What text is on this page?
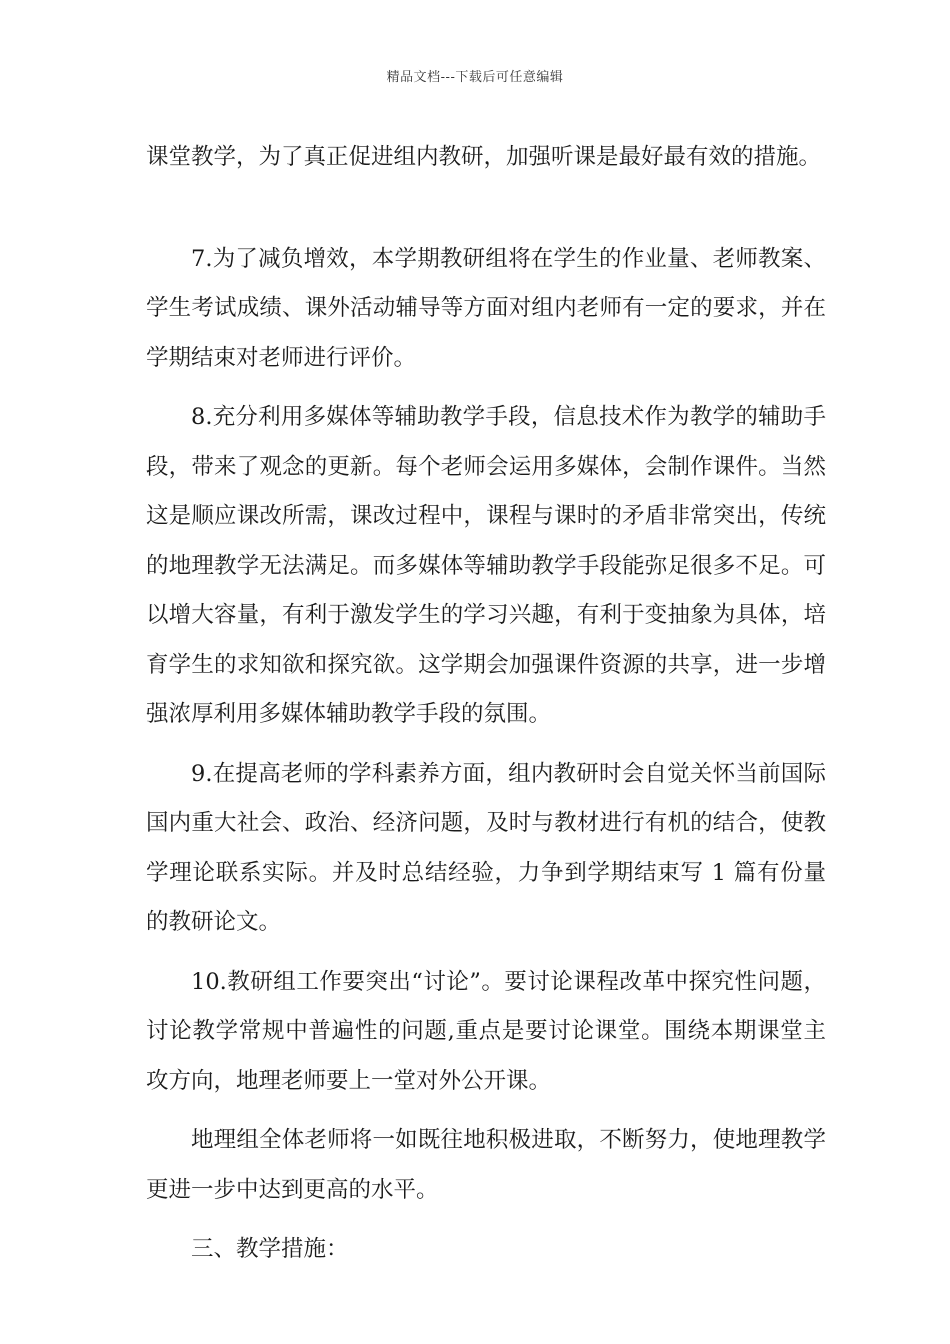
精品文档---下载后可任意编辑

课堂教学，为了真正促进组内教研，加强听课是最好最有效的措施。

7.为了减负增效，本学期教研组将在学生的作业量、老师教案、学生考试成绩、课外活动辅导等方面对组内老师有一定的要求，并在学期结束对老师进行评价。

8.充分利用多媒体等辅助教学手段，信息技术作为教学的辅助手段，带来了观念的更新。每个老师会运用多媒体，会制作课件。当然这是顺应课改所需，课改过程中，课程与课时的矛盾非常突出，传统的地理教学无法满足。而多媒体等辅助教学手段能弥足很多不足。可以增大容量，有利于激发学生的学习兴趣，有利于变抽象为具体，培育学生的求知欲和探究欲。这学期会加强课件资源的共享，进一步增强浓厚利用多媒体辅助教学手段的氛围。

9.在提高老师的学科素养方面，组内教研时会自觉关怀当前国际国内重大社会、政治、经济问题，及时与教材进行有机的结合，使教学理论联系实际。并及时总结经验，力争到学期结束写 1 篇有份量的教研论文。

10.教研组工作要突出“讨论”。要讨论课程改革中探究性问题，讨论教学常规中普遍性的问题,重点是要讨论课堂。围绕本期课堂主攻方向，地理老师要上一堂对外公开课。

地理组全体老师将一如既往地积极进取，不断努力，使地理教学更进一步中达到更高的水平。

三、教学措施：
